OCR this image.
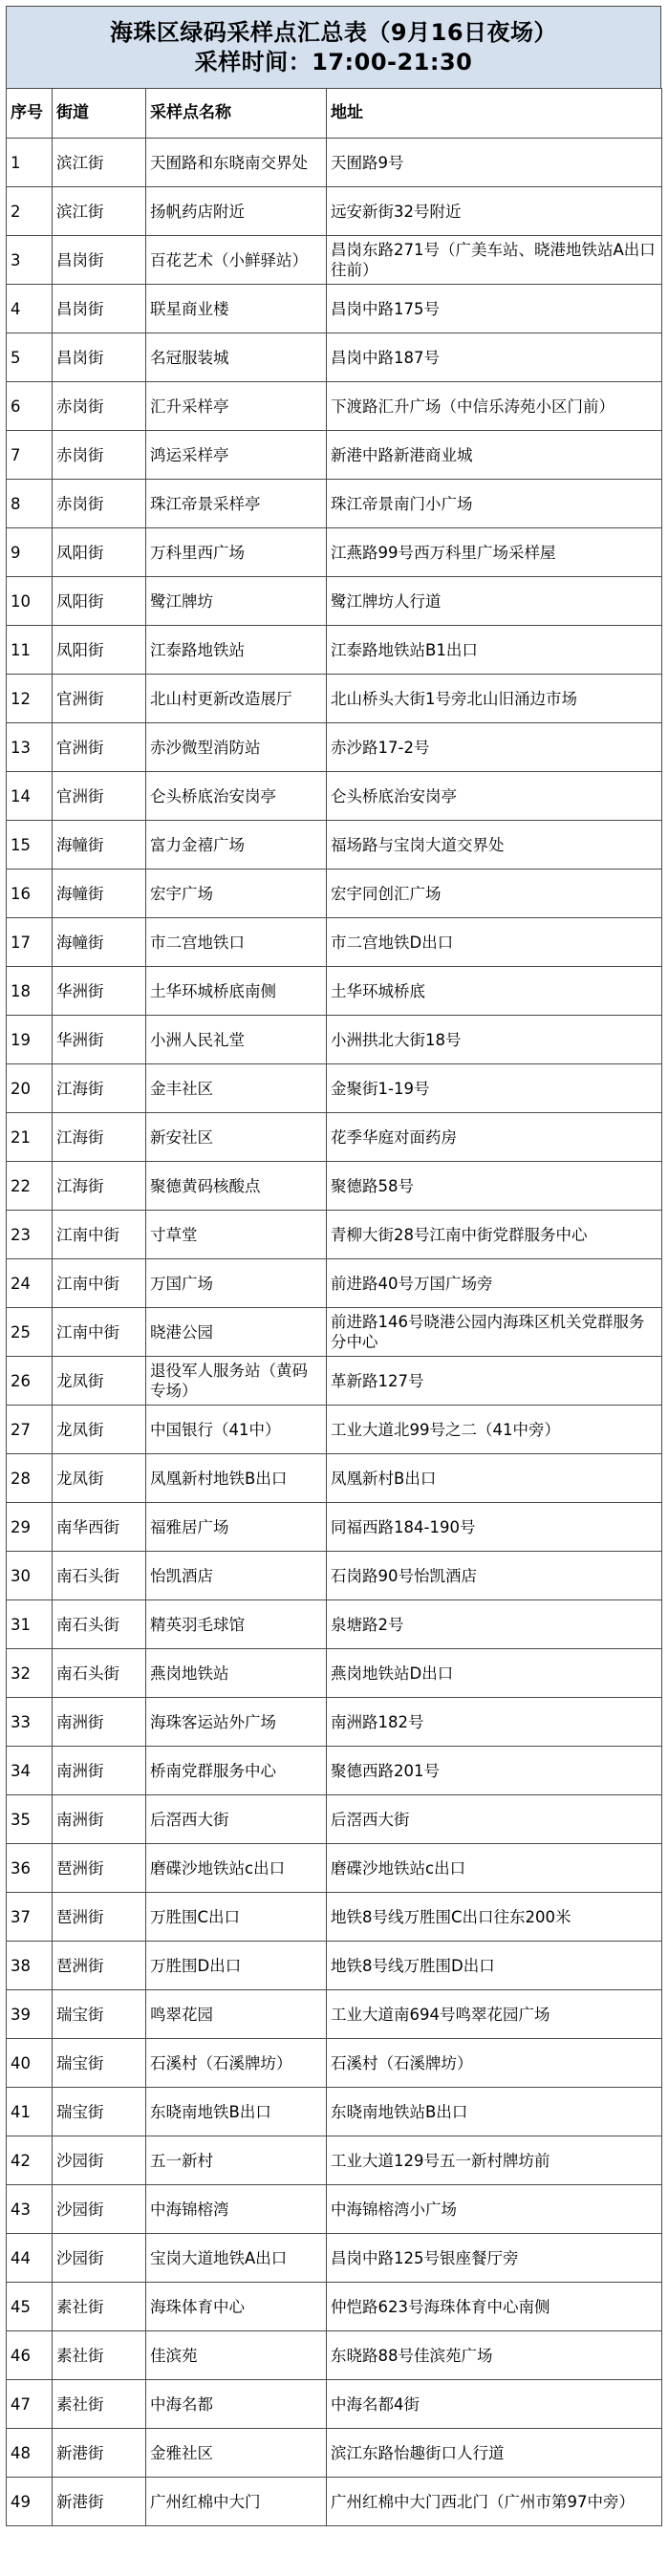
海珠区绿码采样点汇总表（9月16日夜场）
采样时间：17:00-21:30
序号	街道	采样点名称	地址
1	滨江街	天囿路和东晓南交界处	天囿路9号
2	滨江街	扬帆药店附近	远安新街32号附近
3	昌岗街	百花艺术（小鲜驿站）	昌岗东路271号（广美车站、晓港地铁站A出口往前）
4	昌岗街	联星商业楼	昌岗中路175号
5	昌岗街	名冠服装城	昌岗中路187号
6	赤岗街	汇升采样亭	下渡路汇升广场（中信乐涛苑小区门前）
7	赤岗街	鸿运采样亭	新港中路新港商业城
8	赤岗街	珠江帝景采样亭	珠江帝景南门小广场
9	凤阳街	万科里西广场	江燕路99号西万科里广场采样屋
10	凤阳街	鹭江牌坊	鹭江牌坊人行道
11	凤阳街	江泰路地铁站	江泰路地铁站B1出口
12	官洲街	北山村更新改造展厅	北山桥头大街1号旁北山旧涌边市场
13	官洲街	赤沙微型消防站	赤沙路17-2号
14	官洲街	仑头桥底治安岗亭	仑头桥底治安岗亭
15	海幢街	富力金禧广场	福场路与宝岗大道交界处
16	海幢街	宏宇广场	宏宇同创汇广场
17	海幢街	市二宫地铁口	市二宫地铁D出口
18	华洲街	土华环城桥底南侧	土华环城桥底
19	华洲街	小洲人民礼堂	小洲拱北大街18号
20	江海街	金丰社区	金聚街1-19号
21	江海街	新安社区	花季华庭对面药房
22	江海街	聚德黄码核酸点	聚德路58号
23	江南中街	寸草堂	青柳大街28号江南中街党群服务中心
24	江南中街	万国广场	前进路40号万国广场旁
25	江南中街	晓港公园	前进路146号晓港公园内海珠区机关党群服务分中心
26	龙凤街	退役军人服务站（黄码专场）	革新路127号
27	龙凤街	中国银行（41中）	工业大道北99号之二（41中旁）
28	龙凤街	凤凰新村地铁B出口	凤凰新村B出口
29	南华西街	福雅居广场	同福西路184-190号
30	南石头街	怡凯酒店	石岗路90号怡凯酒店
31	南石头街	精英羽毛球馆	泉塘路2号
32	南石头街	燕岗地铁站	燕岗地铁站D出口
33	南洲街	海珠客运站外广场	南洲路182号
34	南洲街	桥南党群服务中心	聚德西路201号
35	南洲街	后滘西大街	后滘西大街
36	琶洲街	磨碟沙地铁站c出口	磨碟沙地铁站c出口
37	琶洲街	万胜围C出口	地铁8号线万胜围C出口往东200米
38	琶洲街	万胜围D出口	地铁8号线万胜围D出口
39	瑞宝街	鸣翠花园	工业大道南694号鸣翠花园广场
40	瑞宝街	石溪村（石溪牌坊）	石溪村（石溪牌坊）
41	瑞宝街	东晓南地铁B出口	东晓南地铁站B出口
42	沙园街	五一新村	工业大道129号五一新村牌坊前
43	沙园街	中海锦榕湾	中海锦榕湾小广场
44	沙园街	宝岗大道地铁A出口	昌岗中路125号银座餐厅旁
45	素社街	海珠体育中心	仲恺路623号海珠体育中心南侧
46	素社街	佳滨苑	东晓路88号佳滨苑广场
47	素社街	中海名都	中海名都4街
48	新港街	金雅社区	滨江东路怡趣街口人行道
49	新港街	广州红棉中大门	广州红棉中大门西北门（广州市第97中旁）
